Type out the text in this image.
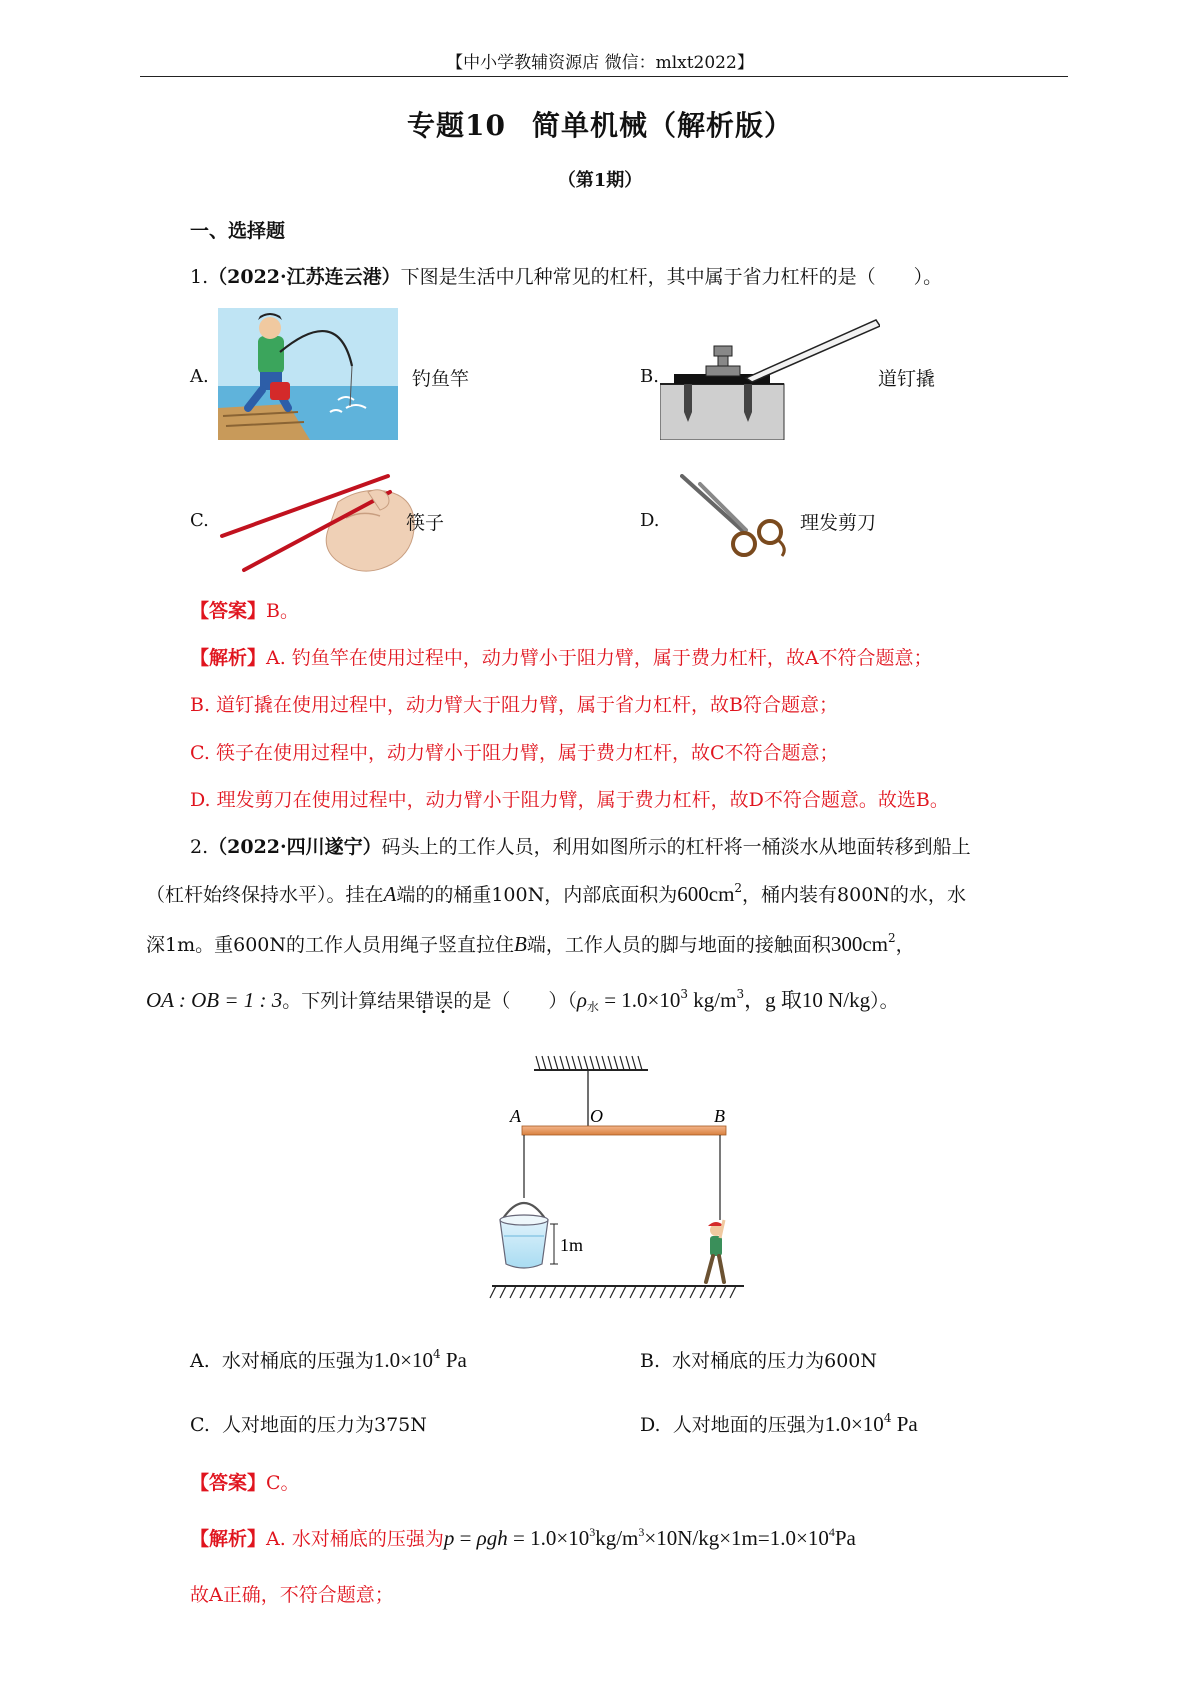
【中小学教辅资源店 微信：mlxt2022】
专题10 简单机械（解析版）
（第1期）
一、选择题
1.（2022·江苏连云港）下图是生活中几种常见的杠杆，其中属于省力杠杆的是（　　）。
A.	钓鱼竿	B.	道钉撬
C.	筷子	D.	理发剪刀
【答案】B。
【解析】A. 钓鱼竿在使用过程中，动力臂小于阻力臂，属于费力杠杆，故A不符合题意；
B. 道钉撬在使用过程中，动力臂大于阻力臂，属于省力杠杆，故B符合题意；
C. 筷子在使用过程中，动力臂小于阻力臂，属于费力杠杆，故C不符合题意；
D. 理发剪刀在使用过程中，动力臂小于阻力臂，属于费力杠杆，故D不符合题意。故选B。
2.（2022·四川遂宁）码头上的工作人员，利用如图所示的杠杆将一桶淡水从地面转移到船上
（杠杆始终保持水平）。挂在A端的的桶重100N，内部底面积为$600cm^2$，桶内装有800N的水，水
深1m。重600N的工作人员用绳子竖直拉住B端，工作人员的脚与地面的接触面积$300cm^2$，
OA : OB = 1 : 3。下列计算结果错误的是（　　）（$\rho_水 = 1.0\times 10^3$ $kg/m^3$，g 取10 N/kg）。
A	O	B
1m
A. 水对桶底的压强为$1.0\times 10^4$ Pa	B. 水对桶底的压力为600N
C. 人对地面的压力为375N	D. 人对地面的压强为$1.0\times 10^4$ Pa
【答案】C。
【解析】A. 水对桶底的压强为$p = \rho gh = 1.0\times 10^3kg/m^3\times 10N/kg\times 1m=1.0\times 10^4Pa$
故A正确，不符合题意；
